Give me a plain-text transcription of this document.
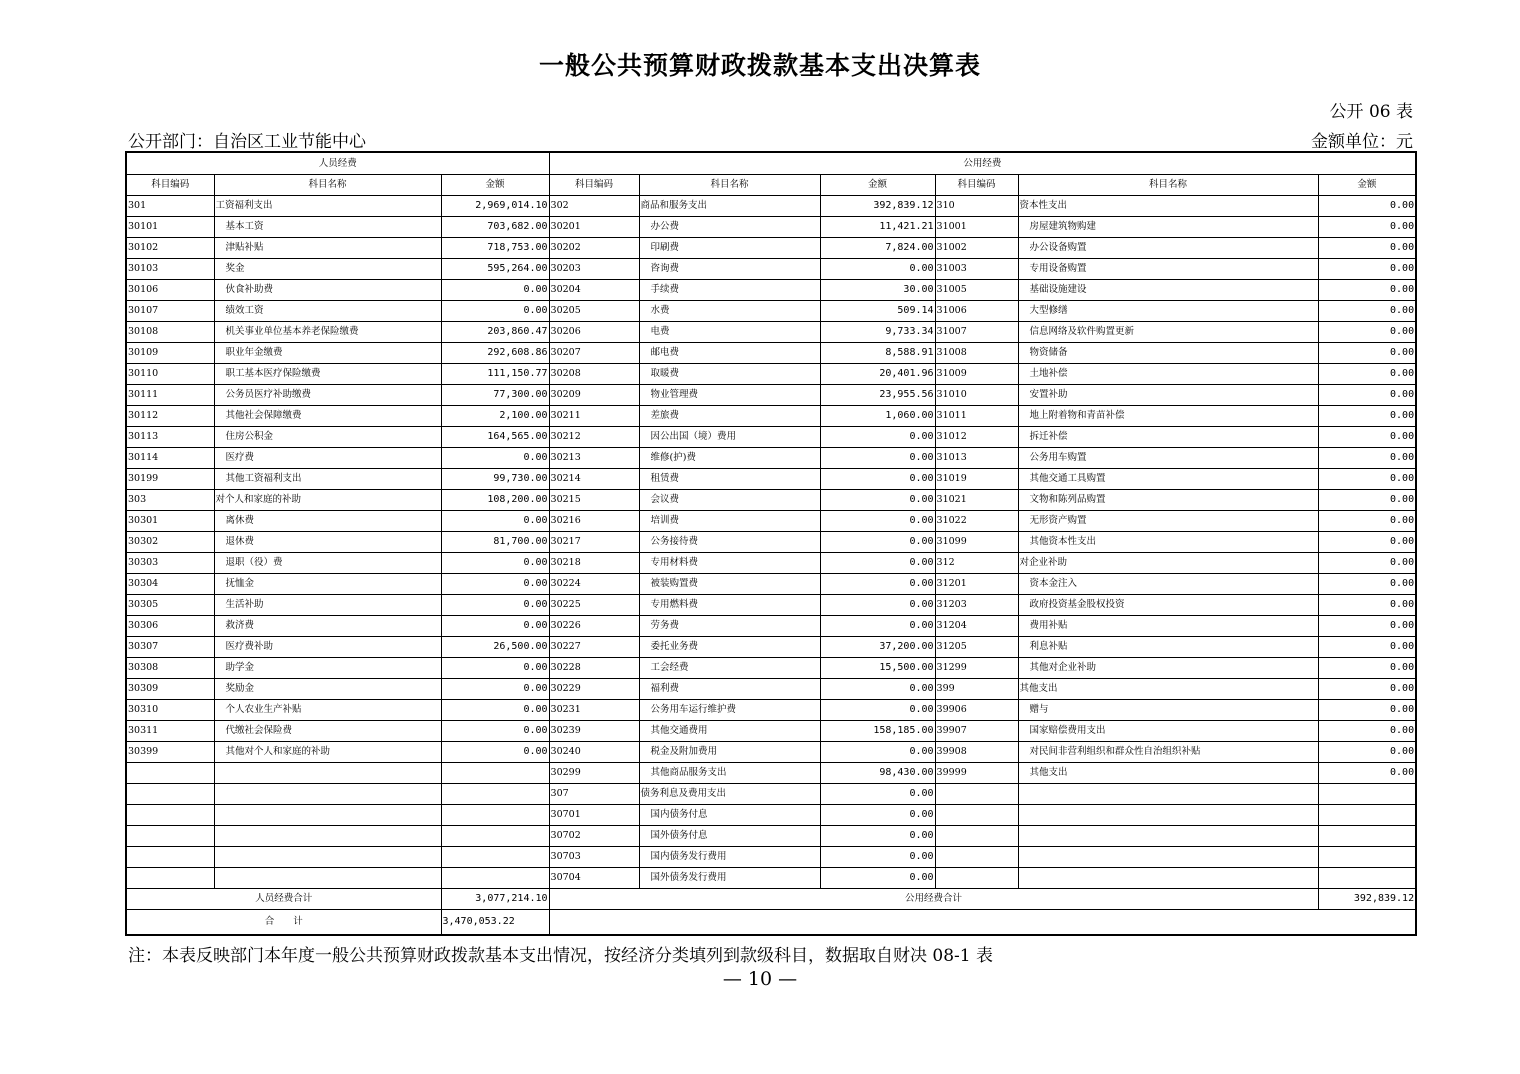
一般公共预算财政拨款基本支出决算表
公开 06 表
公开部门：自治区工业节能中心	金额单位：元
人员经费			公用经费					
科目编码	科目名称	金额	科目编码	科目名称	金额	科目编码	科目名称	金额
301	工资福利支出	2,969,014.10	302	商品和服务支出	392,839.12	310	资本性支出	0.00
30101	基本工资	703,682.00	30201	办公费	11,421.21	31001	房屋建筑物购建	0.00
30102	津贴补贴	718,753.00	30202	印刷费	7,824.00	31002	办公设备购置	0.00
30103	奖金	595,264.00	30203	咨询费	0.00	31003	专用设备购置	0.00
30106	伙食补助费	0.00	30204	手续费	30.00	31005	基础设施建设	0.00
30107	绩效工资	0.00	30205	水费	509.14	31006	大型修缮	0.00
30108	机关事业单位基本养老保险缴费	203,860.47	30206	电费	9,733.34	31007	信息网络及软件购置更新	0.00
30109	职业年金缴费	292,608.86	30207	邮电费	8,588.91	31008	物资储备	0.00
30110	职工基本医疗保险缴费	111,150.77	30208	取暖费	20,401.96	31009	土地补偿	0.00
30111	公务员医疗补助缴费	77,300.00	30209	物业管理费	23,955.56	31010	安置补助	0.00
30112	其他社会保障缴费	2,100.00	30211	差旅费	1,060.00	31011	地上附着物和青苗补偿	0.00
30113	住房公积金	164,565.00	30212	因公出国（境）费用	0.00	31012	拆迁补偿	0.00
30114	医疗费	0.00	30213	维修(护)费	0.00	31013	公务用车购置	0.00
30199	其他工资福利支出	99,730.00	30214	租赁费	0.00	31019	其他交通工具购置	0.00
303	对个人和家庭的补助	108,200.00	30215	会议费	0.00	31021	文物和陈列品购置	0.00
30301	离休费	0.00	30216	培训费	0.00	31022	无形资产购置	0.00
30302	退休费	81,700.00	30217	公务接待费	0.00	31099	其他资本性支出	0.00
30303	退职（役）费	0.00	30218	专用材料费	0.00	312	对企业补助	0.00
30304	抚恤金	0.00	30224	被装购置费	0.00	31201	资本金注入	0.00
30305	生活补助	0.00	30225	专用燃料费	0.00	31203	政府投资基金股权投资	0.00
30306	救济费	0.00	30226	劳务费	0.00	31204	费用补贴	0.00
30307	医疗费补助	26,500.00	30227	委托业务费	37,200.00	31205	利息补贴	0.00
30308	助学金	0.00	30228	工会经费	15,500.00	31299	其他对企业补助	0.00
30309	奖励金	0.00	30229	福利费	0.00	399	其他支出	0.00
30310	个人农业生产补贴	0.00	30231	公务用车运行维护费	0.00	39906	赠与	0.00
30311	代缴社会保险费	0.00	30239	其他交通费用	158,185.00	39907	国家赔偿费用支出	0.00
30399	其他对个人和家庭的补助	0.00	30240	税金及附加费用	0.00	39908	对民间非营利组织和群众性自治组织补贴	0.00
			30299	其他商品服务支出	98,430.00	39999	其他支出	0.00
			307	债务利息及费用支出	0.00			
			30701	国内债务付息	0.00			
			30702	国外债务付息	0.00			
			30703	国内债务发行费用	0.00			
			30704	国外债务发行费用	0.00			
人员经费合计		3,077,214.10	公用经费合计					392,839.12
合　　计		3,470,053.22						
注：本表反映部门本年度一般公共预算财政拨款基本支出情况，按经济分类填列到款级科目，数据取自财决 08-1 表
— 10 —
